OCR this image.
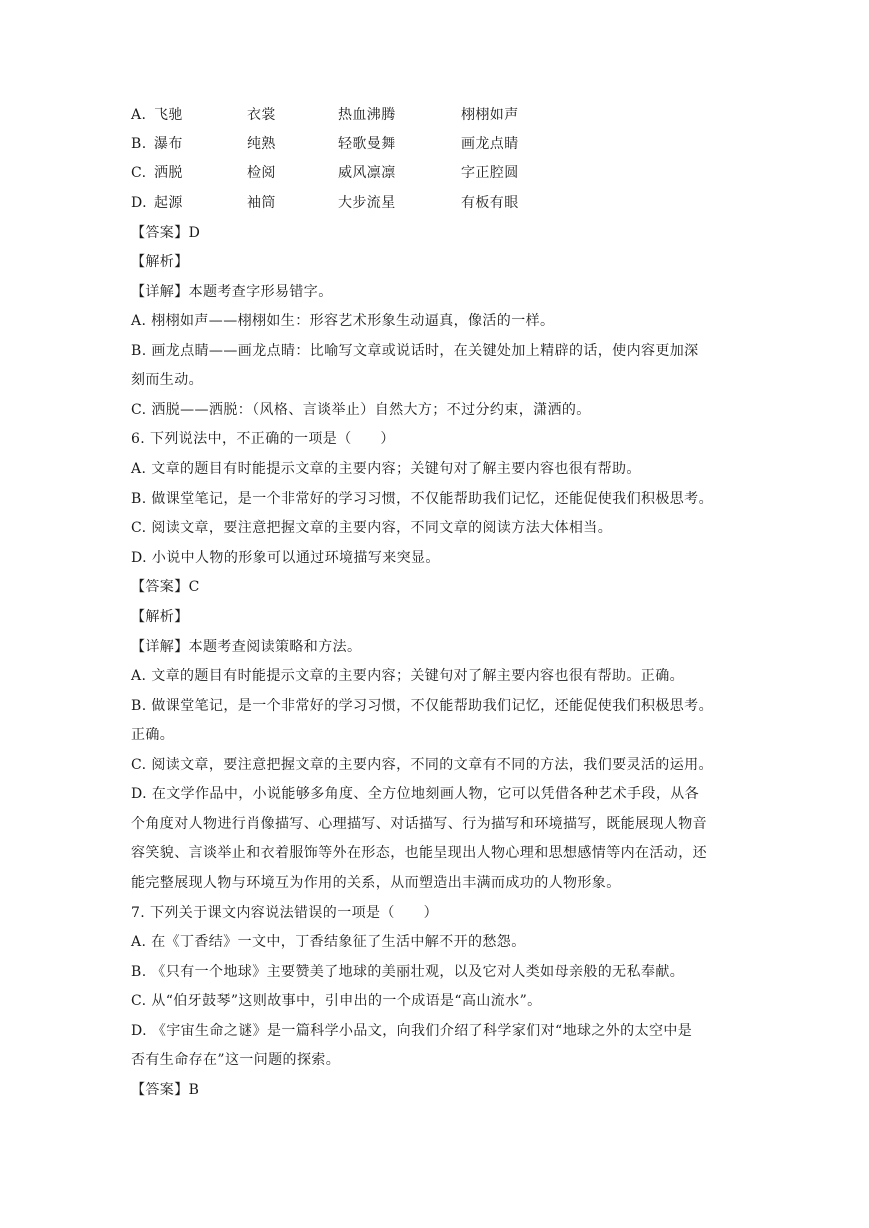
A. 飞驰	衣裳	热血沸腾	栩栩如声
B. 瀑布	纯熟	轻歌曼舞	画龙点睛
C. 洒脱	检阅	威风凛凛	字正腔圆
D. 起源	袖筒	大步流星	有板有眼
【答案】D
【解析】
【详解】本题考查字形易错字。
A. 栩栩如声——栩栩如生：形容艺术形象生动逼真，像活的一样。
B. 画龙点睛——画龙点睛：比喻写文章或说话时，在关键处加上精辟的话，使内容更加深
刻而生动。
C. 洒脱——洒脱：（风格、言谈举止）自然大方；不过分约束，潇洒的。
6. 下列说法中，不正确的一项是（　　）
A. 文章的题目有时能提示文章的主要内容；关键句对了解主要内容也很有帮助。
B. 做课堂笔记，是一个非常好的学习习惯，不仅能帮助我们记忆，还能促使我们积极思考。
C. 阅读文章，要注意把握文章的主要内容，不同文章的阅读方法大体相当。
D. 小说中人物的形象可以通过环境描写来突显。
【答案】C
【解析】
【详解】本题考查阅读策略和方法。
A. 文章的题目有时能提示文章的主要内容；关键句对了解主要内容也很有帮助。正确。
B. 做课堂笔记，是一个非常好的学习习惯，不仅能帮助我们记忆，还能促使我们积极思考。
正确。
C. 阅读文章，要注意把握文章的主要内容，不同的文章有不同的方法，我们要灵活的运用。
D. 在文学作品中，小说能够多角度、全方位地刻画人物，它可以凭借各种艺术手段，从各
个角度对人物进行肖像描写、心理描写、对话描写、行为描写和环境描写，既能展现人物音
容笑貌、言谈举止和衣着服饰等外在形态，也能呈现出人物心理和思想感情等内在活动，还
能完整展现人物与环境互为作用的关系，从而塑造出丰满而成功的人物形象。
7. 下列关于课文内容说法错误的一项是（　　）
A. 在《丁香结》一文中，丁香结象征了生活中解不开的愁怨。
B. 《只有一个地球》主要赞美了地球的美丽壮观，以及它对人类如母亲般的无私奉献。
C. 从“伯牙鼓琴”这则故事中，引申出的一个成语是“高山流水”。
D. 《宇宙生命之谜》是一篇科学小品文，向我们介绍了科学家们对“地球之外的太空中是
否有生命存在”这一问题的探索。
【答案】B
